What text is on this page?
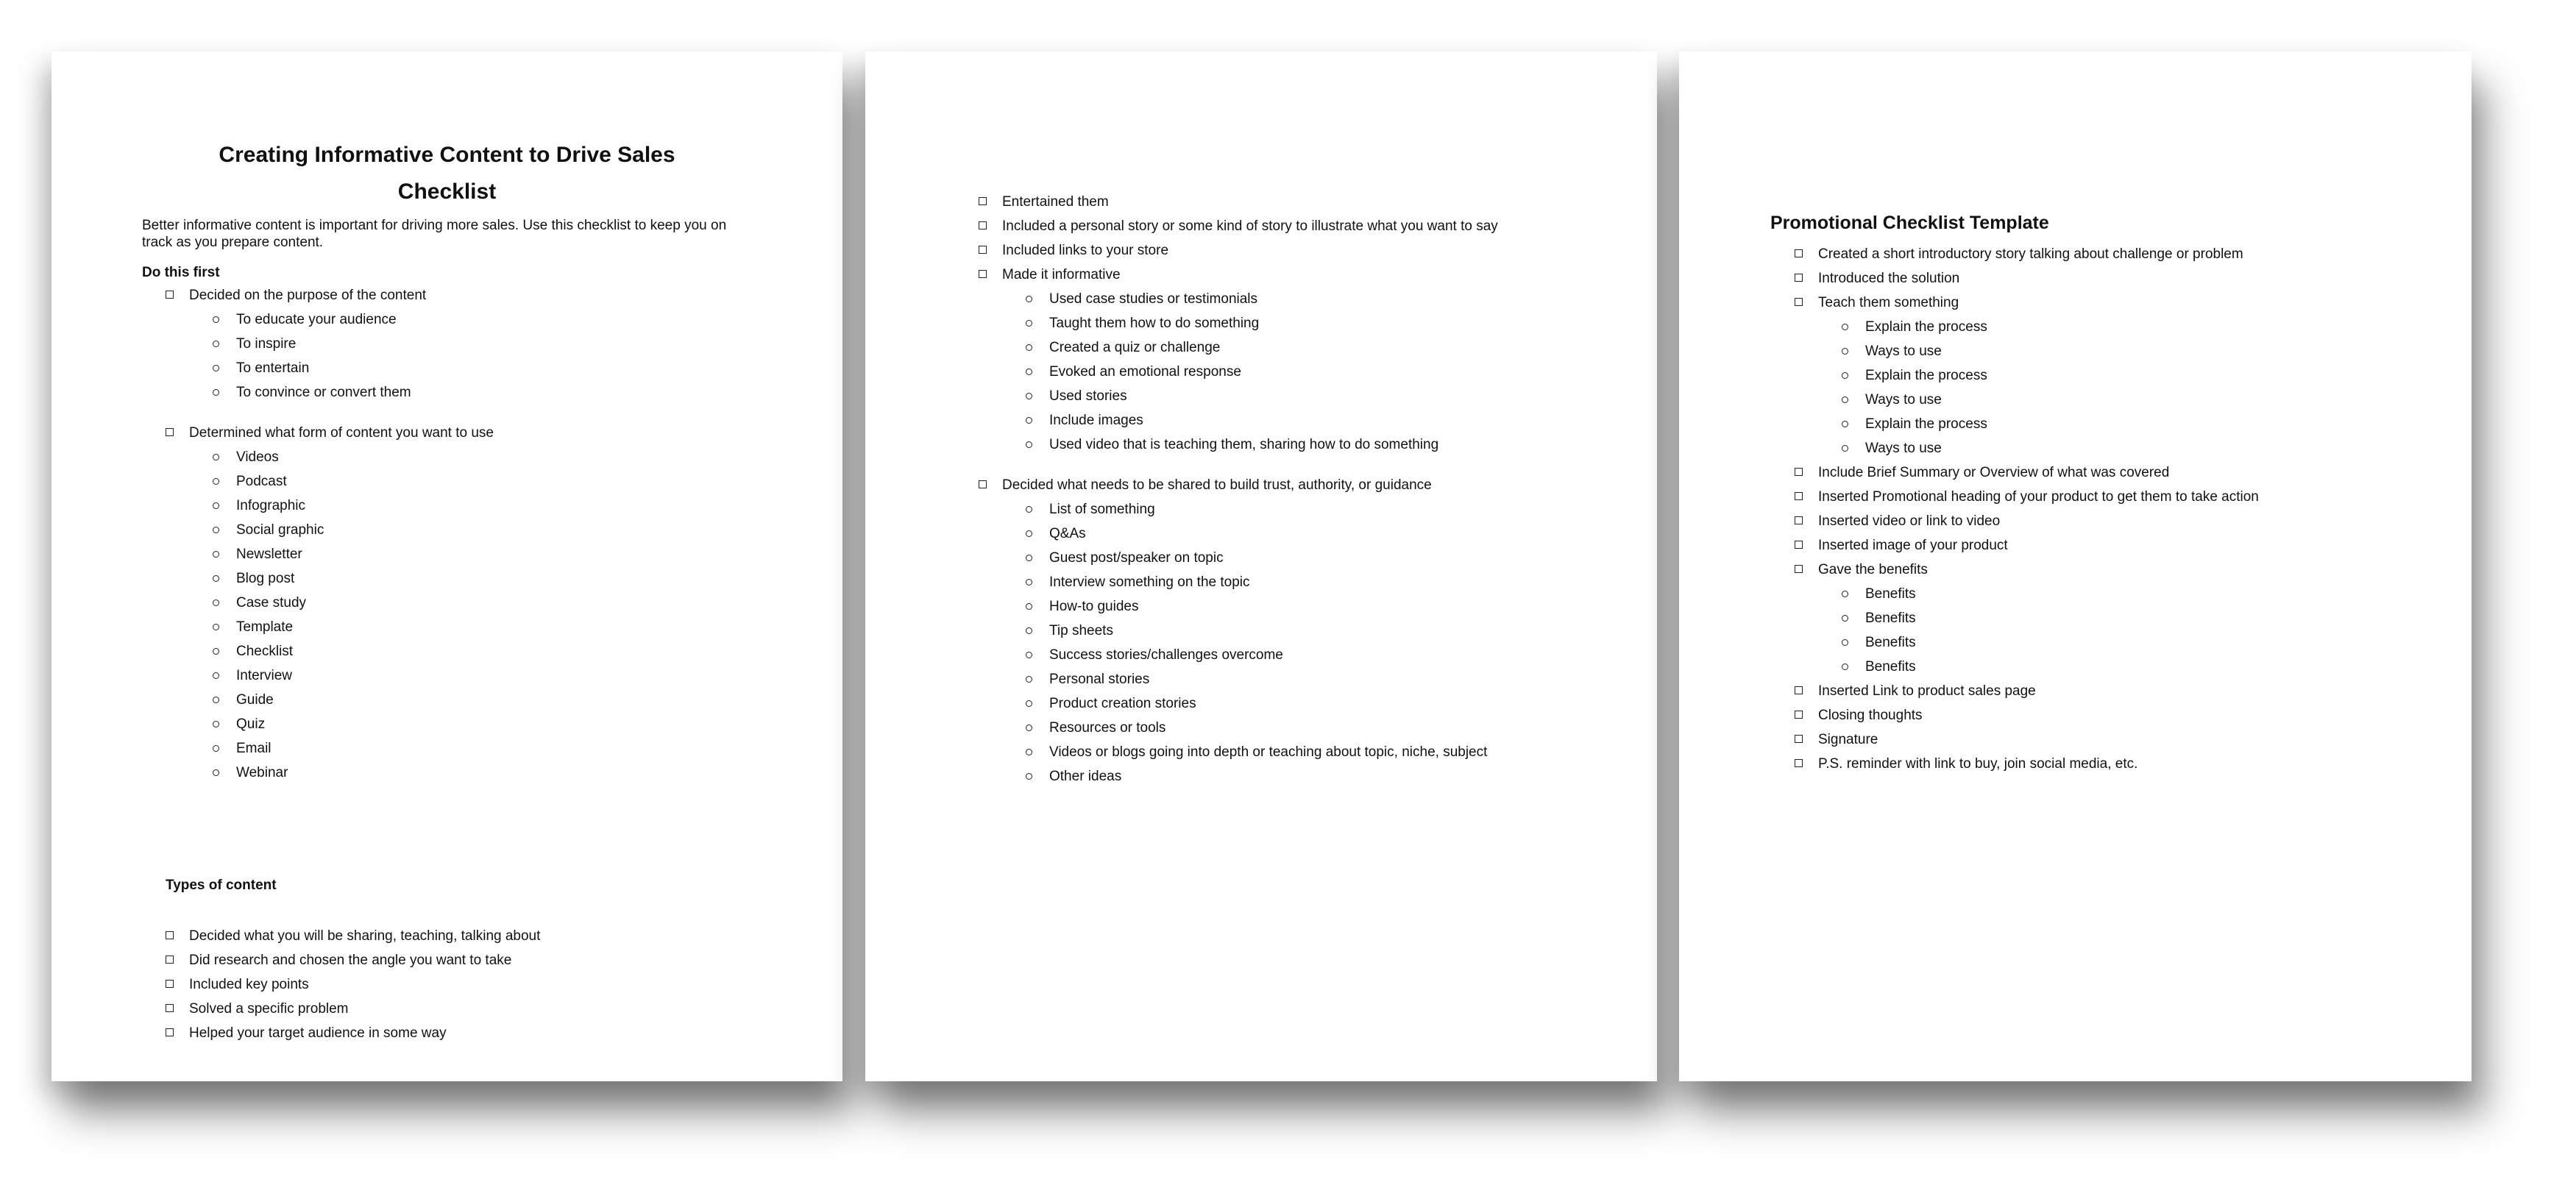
Creating Informative Content to Drive Sales
Checklist
Better informative content is important for driving more sales. Use this checklist to keep you on track as you prepare content.
Do this first
Decided on the purpose of the content
To educate your audience
To inspire
To entertain
To convince or convert them
Determined what form of content you want to use
Videos
Podcast
Infographic
Social graphic
Newsletter
Blog post
Case study
Template
Checklist
Interview
Guide
Quiz
Email
Webinar
Types of content
Decided what you will be sharing, teaching, talking about
Did research and chosen the angle you want to take
Included key points
Solved a specific problem
Helped your target audience in some way
Entertained them
Included a personal story or some kind of story to illustrate what you want to say
Included links to your store
Made it informative
Used case studies or testimonials
Taught them how to do something
Created a quiz or challenge
Evoked an emotional response
Used stories
Include images
Used video that is teaching them, sharing how to do something
Decided what needs to be shared to build trust, authority, or guidance
List of something
Q&As
Guest post/speaker on topic
Interview something on the topic
How-to guides
Tip sheets
Success stories/challenges overcome
Personal stories
Product creation stories
Resources or tools
Videos or blogs going into depth or teaching about topic, niche, subject
Other ideas
Promotional Checklist Template
Created a short introductory story talking about challenge or problem
Introduced the solution
Teach them something
Explain the process
Ways to use
Explain the process
Ways to use
Explain the process
Ways to use
Include Brief Summary or Overview of what was covered
Inserted Promotional heading of your product to get them to take action
Inserted video or link to video
Inserted image of your product
Gave the benefits
Benefits
Benefits
Benefits
Benefits
Inserted Link to product sales page
Closing thoughts
Signature
P.S. reminder with link to buy, join social media, etc.
